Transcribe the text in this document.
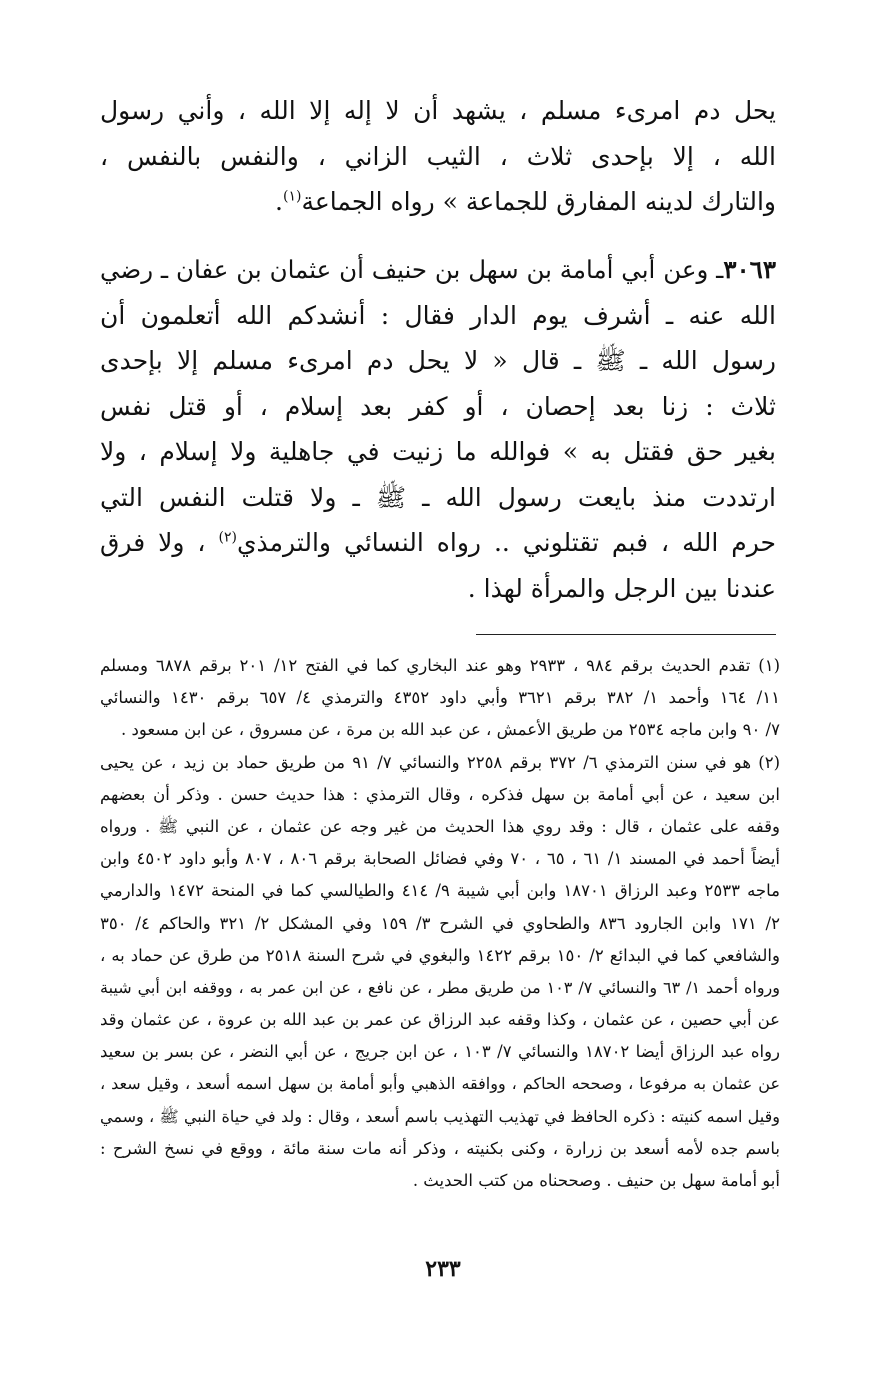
يحل دم امرىء مسلم ، يشهد أن لا إله إلا الله ، وأني رسول
الله ، إلا بإحدى ثلاث ، الثيب الزاني ، والنفس بالنفس ،
والتارك لدينه المفارق للجماعة » رواه الجماعة$^{(١)}$.
٣٠٦٣ـ وعن أبي أمامة بن سهل بن حنيف أن عثمان بن عفان ـ رضي
الله عنه ـ أشرف يوم الدار فقال : أنشدكم الله أتعلمون أن
رسول الله ـ ﷺ ـ قال « لا يحل دم امرىء مسلم إلا بإحدى
ثلاث : زنا بعد إحصان ، أو كفر بعد إسلام ، أو قتل نفس
بغير حق فقتل به » فوالله ما زنيت في جاهلية ولا إسلام ، ولا
ارتددت منذ بايعت رسول الله ـ ﷺ ـ ولا قتلت النفس التي
حرم الله ، فبم تقتلوني .. رواه النسائي والترمذي$^{(٢)}$ ، ولا فرق
عندنا بين الرجل والمرأة لهذا .
(١) تقدم الحديث برقم ٩٨٤ ، ٢٩٣٣ وهو عند البخاري كما في الفتح ١٢/ ٢٠١ برقم ٦٨٧٨ ومسلم
١١/ ١٦٤ وأحمد ١/ ٣٨٢ برقم ٣٦٢١ وأبي داود ٤٣٥٢ والترمذي ٤/ ٦٥٧ برقم ١٤٣٠ والنسائي
٧/ ٩٠ وابن ماجه ٢٥٣٤ من طريق الأعمش ، عن عبد الله بن مرة ، عن مسروق ، عن ابن مسعود .
(٢) هو في سنن الترمذي ٦/ ٣٧٢ برقم ٢٢٥٨ والنسائي ٧/ ٩١ من طريق حماد بن زيد ، عن يحيى
ابن سعيد ، عن أبي أمامة بن سهل فذكره ، وقال الترمذي : هذا حديث حسن . وذكر أن بعضهم
وقفه على عثمان ، قال : وقد روي هذا الحديث من غير وجه عن عثمان ، عن النبي ﷺ . ورواه
أيضاً أحمد في المسند ١/ ٦١ ، ٦٥ ، ٧٠ وفي فضائل الصحابة برقم ٨٠٦ ، ٨٠٧ وأبو داود ٤٥٠٢ وابن
ماجه ٢٥٣٣ وعبد الرزاق ١٨٧٠١ وابن أبي شيبة ٩/ ٤١٤ والطيالسي كما في المنحة ١٤٧٢ والدارمي
٢/ ١٧١ وابن الجارود ٨٣٦ والطحاوي في الشرح ٣/ ١٥٩ وفي المشكل ٢/ ٣٢١ والحاكم ٤/ ٣٥٠
والشافعي كما في البدائع ٢/ ١٥٠ برقم ١٤٢٢ والبغوي في شرح السنة ٢٥١٨ من طرق عن حماد به ،
ورواه أحمد ١/ ٦٣ والنسائي ٧/ ١٠٣ من طريق مطر ، عن نافع ، عن ابن عمر به ، ووقفه ابن أبي شيبة
عن أبي حصين ، عن عثمان ، وكذا وقفه عبد الرزاق عن عمر بن عبد الله بن عروة ، عن عثمان وقد
رواه عبد الرزاق أيضا ١٨٧٠٢ والنسائي ٧/ ١٠٣ ، عن ابن جريج ، عن أبي النضر ، عن بسر بن سعيد
عن عثمان به مرفوعا ، وصححه الحاكم ، ووافقه الذهبي وأبو أمامة بن سهل اسمه أسعد ، وقيل سعد ،
وقيل اسمه كنيته : ذكره الحافظ في تهذيب التهذيب باسم أسعد ، وقال : ولد في حياة النبي ﷺ ، وسمي
باسم جده لأمه أسعد بن زرارة ، وكنى بكنيته ، وذكر أنه مات سنة مائة ، ووقع في نسخ الشرح :
أبو أمامة سهل بن حنيف . وصححناه من كتب الحديث .
٢٣٣
